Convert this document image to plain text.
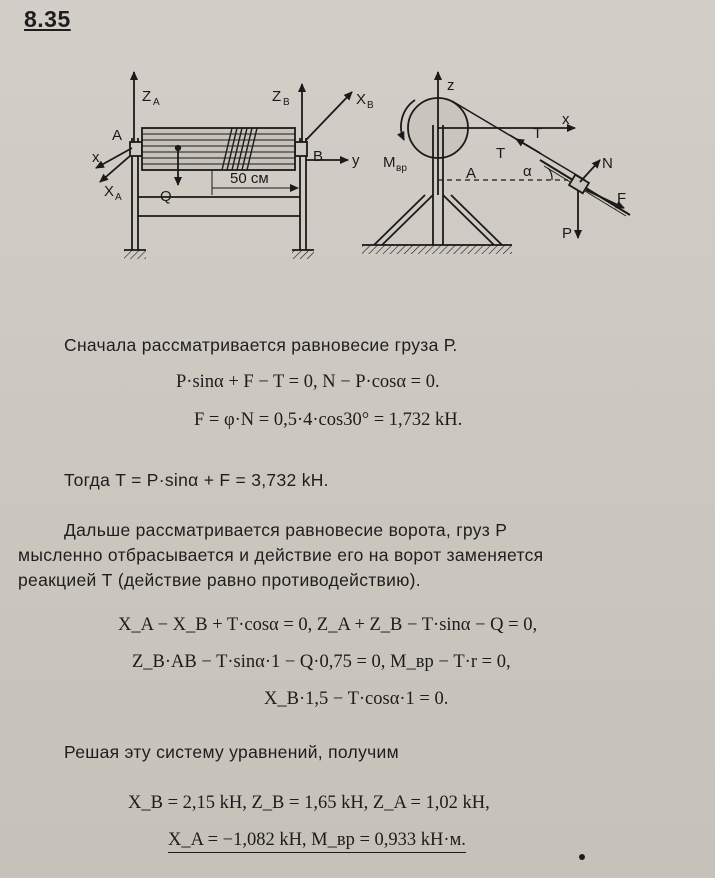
8.35
Z A	Z B	X B
A
x
X A
B y
Q
50 см
z
x
M вр
T
T
A	α	N
F
P
Сначала рассматривается равновесие груза Р.
P·sinα + F − T = 0, N − P·cosα = 0.
F = φ·N = 0,5·4·cos30° = 1,732 kH.
Тогда T = P·sinα + F = 3,732 kH.
Дальше рассматривается равновесие ворота, груз Р
мысленно отбрасывается и действие его на ворот заменяется
реакцией Т (действие равно противодействию).
X_A − X_B + T·cosα = 0, Z_A + Z_B − T·sinα − Q = 0,
Z_B·AB − T·sinα·1 − Q·0,75 = 0, M_вр − T·r = 0,
X_B·1,5 − T·cosα·1 = 0.
Решая эту систему уравнений, получим
X_B = 2,15 kH, Z_B = 1,65 kH, Z_A = 1,02 kH,
X_A = −1,082 kH, M_вр = 0,933 kH·м.
